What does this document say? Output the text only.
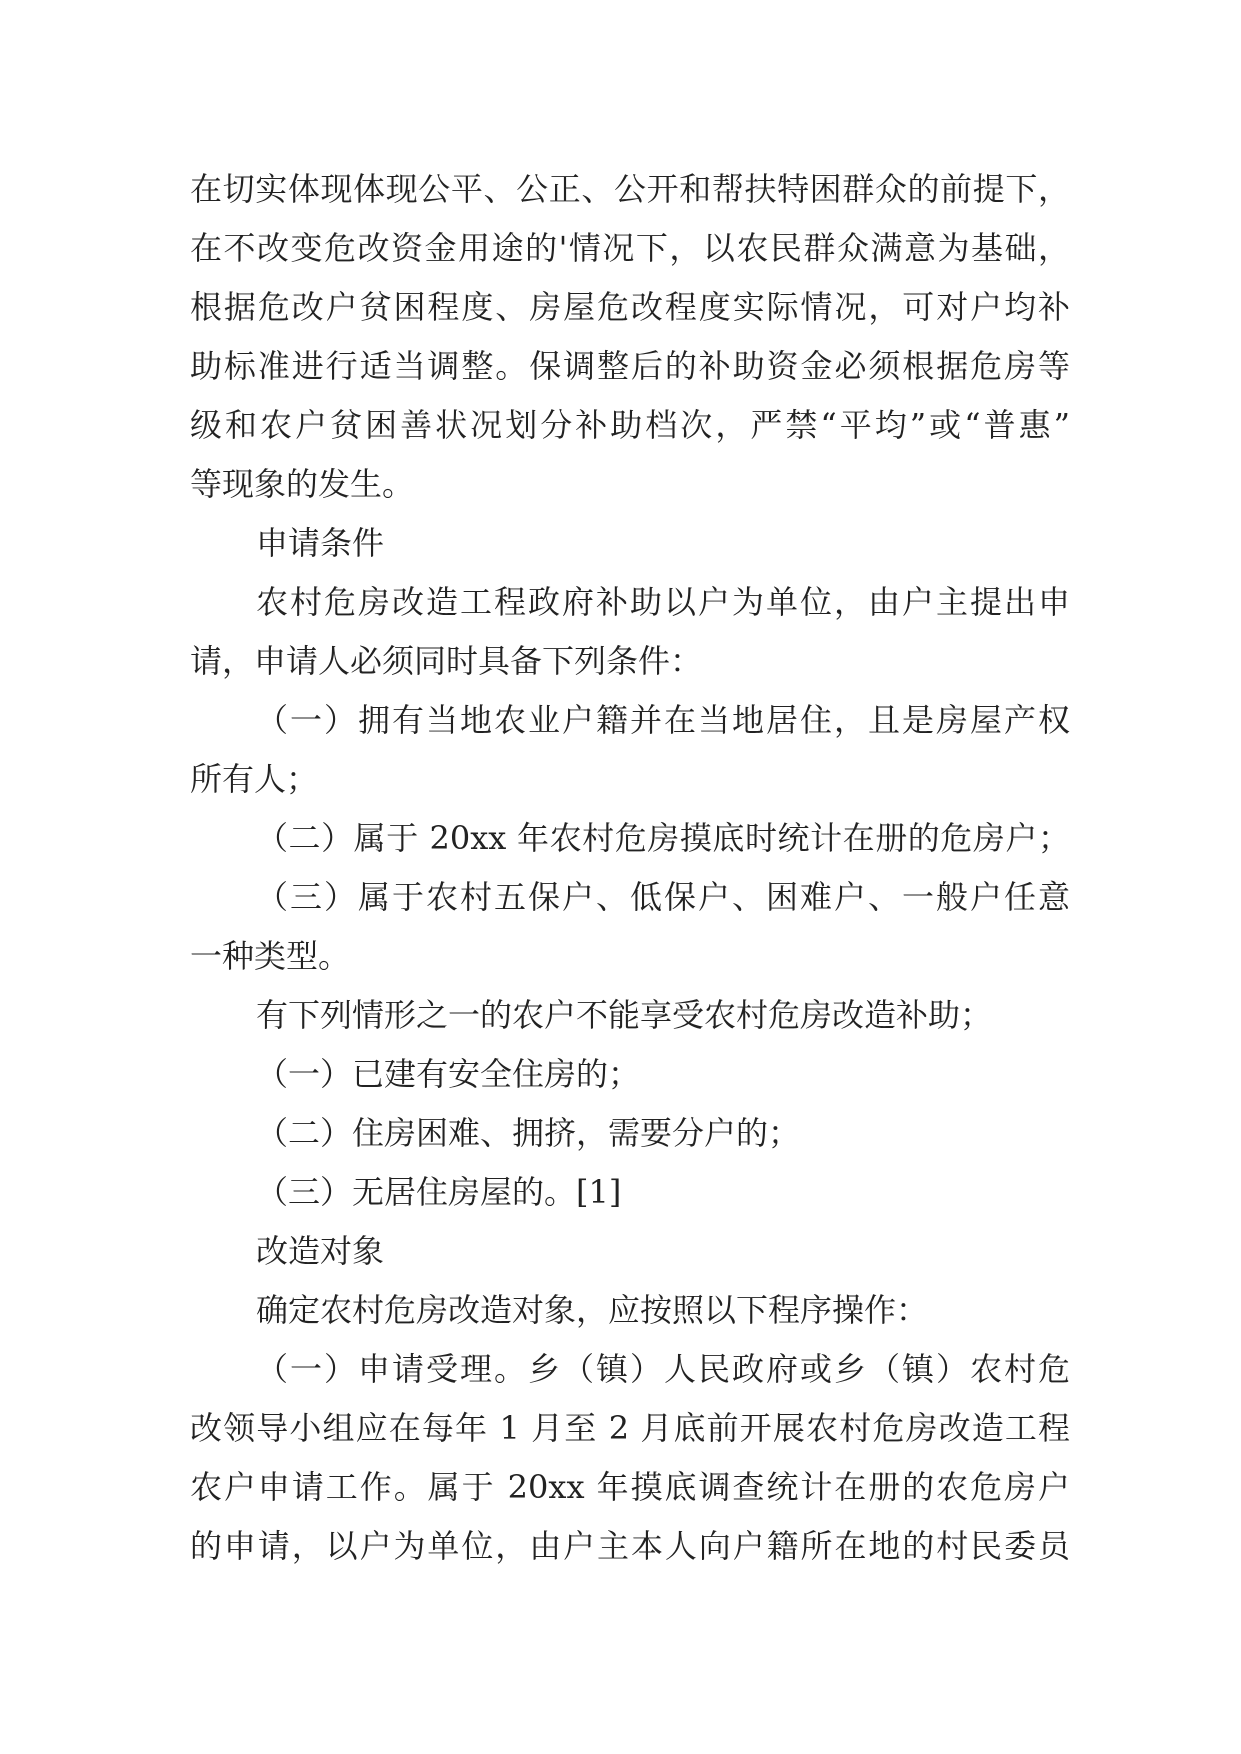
在切实体现体现公平、公正、公开和帮扶特困群众的前提下，
在不改变危改资金用途的'情况下，以农民群众满意为基础，
根据危改户贫困程度、房屋危改程度实际情况，可对户均补
助标准进行适当调整。保调整后的补助资金必须根据危房等
级和农户贫困善状况划分补助档次，严禁“平均”或“普惠”
等现象的发生。
申请条件
农村危房改造工程政府补助以户为单位，由户主提出申
请，申请人必须同时具备下列条件：
（一）拥有当地农业户籍并在当地居住，且是房屋产权
所有人；
（二）属于 20xx 年农村危房摸底时统计在册的危房户；
（三）属于农村五保户、低保户、困难户、一般户任意
一种类型。
有下列情形之一的农户不能享受农村危房改造补助；
（一）已建有安全住房的；
（二）住房困难、拥挤，需要分户的；
（三）无居住房屋的。[1]
改造对象
确定农村危房改造对象，应按照以下程序操作：
（一）申请受理。乡（镇）人民政府或乡（镇）农村危
改领导小组应在每年 1 月至 2 月底前开展农村危房改造工程
农户申请工作。属于 20xx 年摸底调查统计在册的农危房户
的申请，以户为单位，由户主本人向户籍所在地的村民委员
